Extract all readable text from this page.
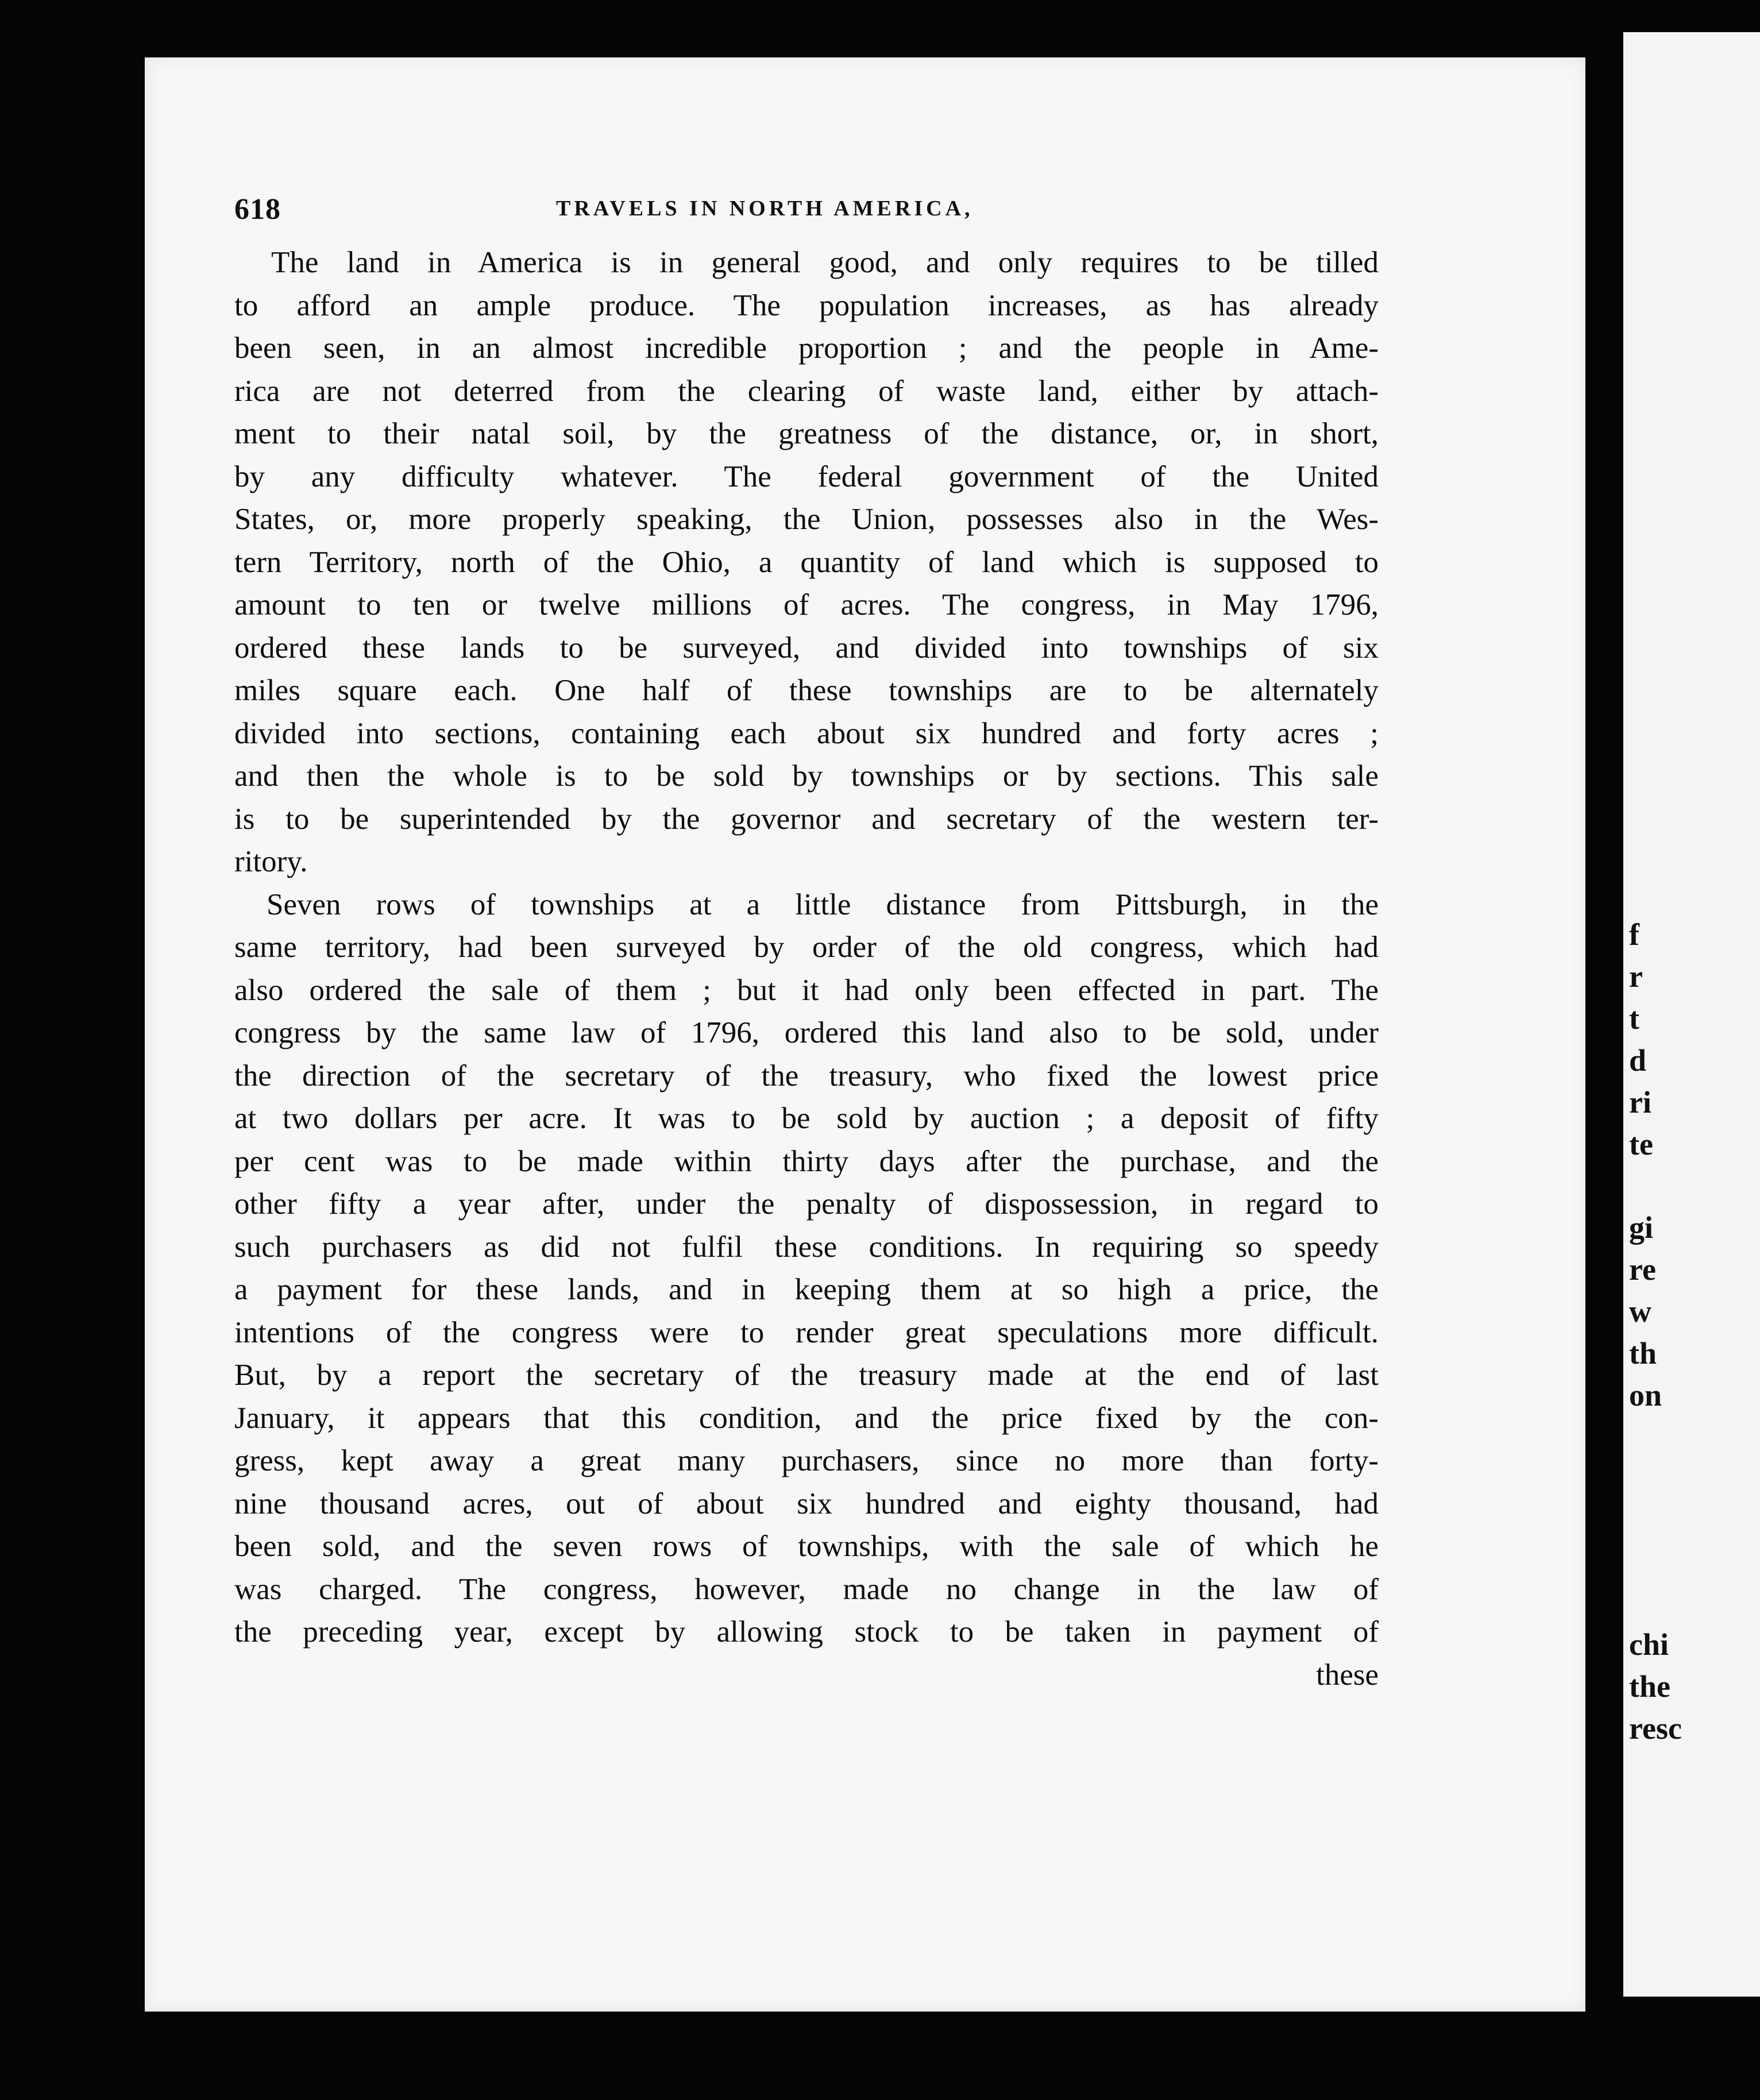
f
r
t
d
ri
te
gi
re
w
th
on
chi
the
resc
618	TRAVELS IN NORTH AMERICA,
The land in America is in general good, and only requires to be tilled
to afford an ample produce. The population increases, as has already
been seen, in an almost incredible proportion ; and the people in Ame-
rica are not deterred from the clearing of waste land, either by attach-
ment to their natal soil, by the greatness of the distance, or, in short,
by any difficulty whatever. The federal government of the United
States, or, more properly speaking, the Union, possesses also in the Wes-
tern Territory, north of the Ohio, a quantity of land which is supposed to
amount to ten or twelve millions of acres. The congress, in May 1796,
ordered these lands to be surveyed, and divided into townships of six
miles square each. One half of these townships are to be alternately
divided into sections, containing each about six hundred and forty acres ;
and then the whole is to be sold by townships or by sections. This sale
is to be superintended by the governor and secretary of the western ter-
ritory.
Seven rows of townships at a little distance from Pittsburgh, in the
same territory, had been surveyed by order of the old congress, which had
also ordered the sale of them ; but it had only been effected in part. The
congress by the same law of 1796, ordered this land also to be sold, under
the direction of the secretary of the treasury, who fixed the lowest price
at two dollars per acre. It was to be sold by auction ; a deposit of fifty
per cent was to be made within thirty days after the purchase, and the
other fifty a year after, under the penalty of dispossession, in regard to
such purchasers as did not fulfil these conditions. In requiring so speedy
a payment for these lands, and in keeping them at so high a price, the
intentions of the congress were to render great speculations more difficult.
But, by a report the secretary of the treasury made at the end of last
January, it appears that this condition, and the price fixed by the con-
gress, kept away a great many purchasers, since no more than forty-
nine thousand acres, out of about six hundred and eighty thousand, had
been sold, and the seven rows of townships, with the sale of which he
was charged. The congress, however, made no change in the law of
the preceding year, except by allowing stock to be taken in payment of
these
